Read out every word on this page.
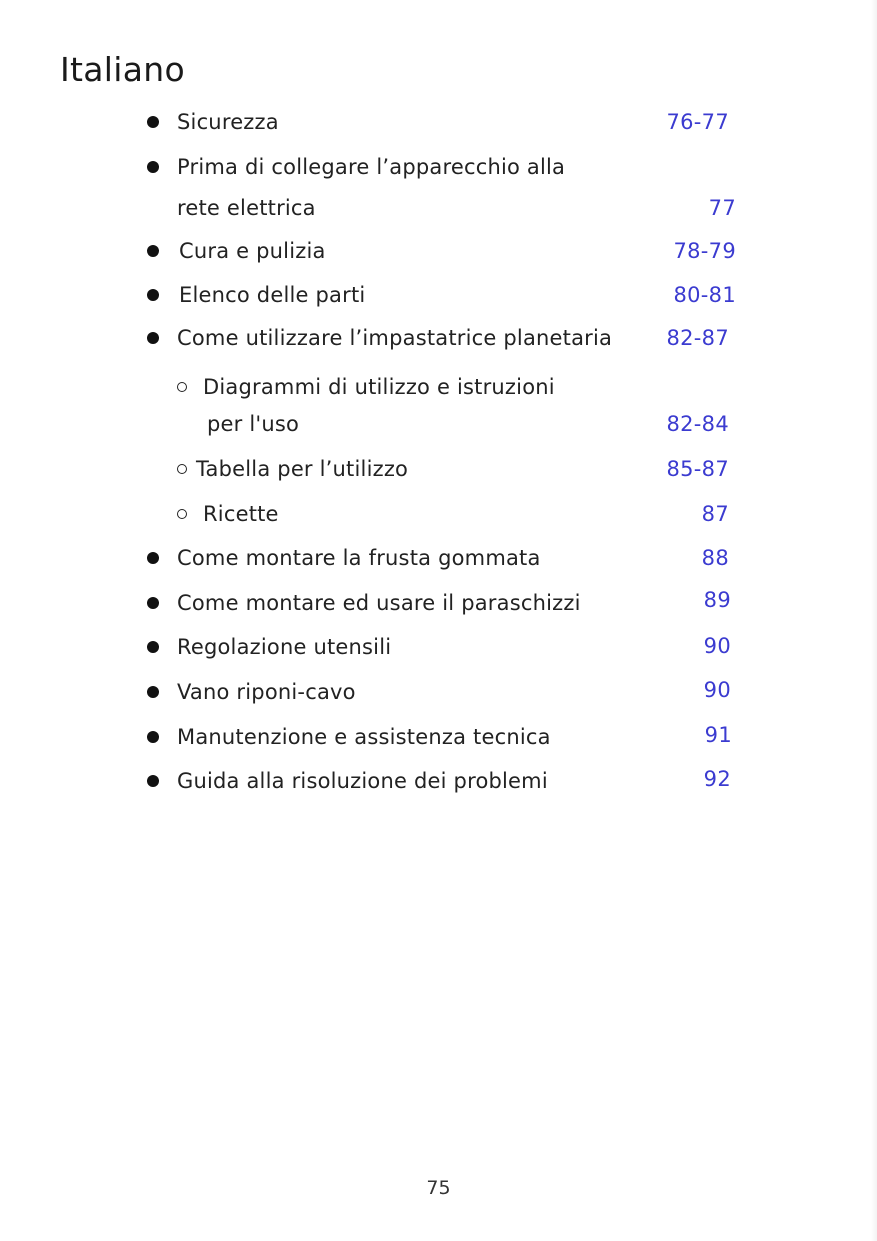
Italiano
Sicurezza	76-77
Prima di collegare l’apparecchio alla
rete elettrica	77
Cura e pulizia	78-79
Elenco delle parti	80-81
Come utilizzare l’impastatrice planetaria	82-87
Diagrammi di utilizzo e istruzioni
per l'uso	82-84
Tabella per l’utilizzo	85-87
Ricette	87
Come montare la frusta gommata	88
Come montare ed usare il paraschizzi	89
Regolazione utensili	90
Vano riponi-cavo	90
Manutenzione e assistenza tecnica	91
Guida alla risoluzione dei problemi	92
75
